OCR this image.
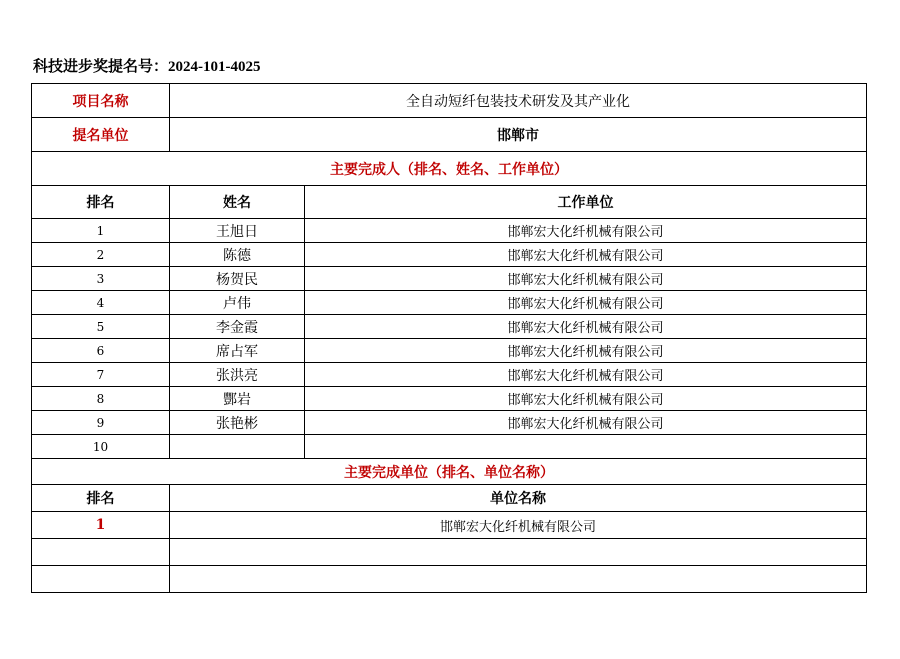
科技进步奖提名号：2024-101-4025
项目名称	全自动短纤包装技术研发及其产业化	
提名单位	邯郸市	
主要完成人（排名、姓名、工作单位）		
排名	姓名	工作单位
1	王旭日	邯郸宏大化纤机械有限公司
2	陈德	邯郸宏大化纤机械有限公司
3	杨贺民	邯郸宏大化纤机械有限公司
4	卢伟	邯郸宏大化纤机械有限公司
5	李金霞	邯郸宏大化纤机械有限公司
6	席占军	邯郸宏大化纤机械有限公司
7	张洪亮	邯郸宏大化纤机械有限公司
8	酆岩	邯郸宏大化纤机械有限公司
9	张艳彬	邯郸宏大化纤机械有限公司
10		
主要完成单位（排名、单位名称）		
排名	单位名称	
1	邯郸宏大化纤机械有限公司	
